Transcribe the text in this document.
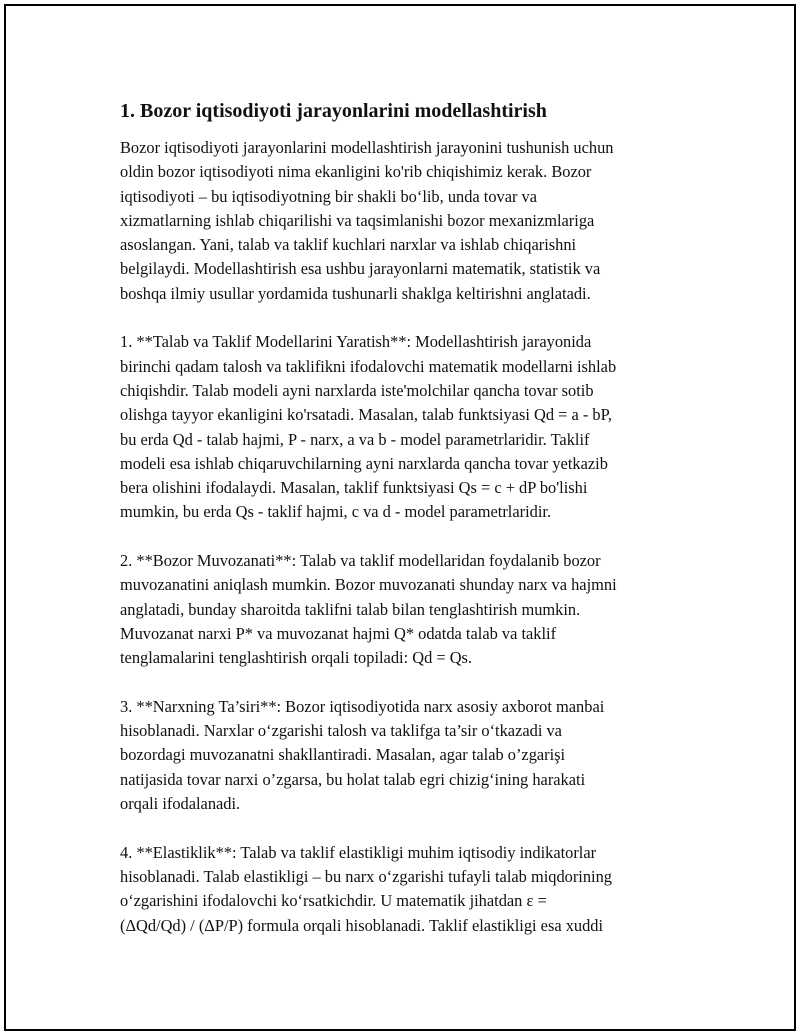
1. Bozor iqtisodiyoti jarayonlarini modellashtirish
Bozor iqtisodiyoti jarayonlarini modellashtirish jarayonini tushunish uchun
oldin bozor iqtisodiyoti nima ekanligini ko'rib chiqishimiz kerak. Bozor
iqtisodiyoti – bu iqtisodiyotning bir shakli bo‘lib, unda tovar va
xizmatlarning ishlab chiqarilishi va taqsimlanishi bozor mexanizmlariga
asoslangan. Yani, talab va taklif kuchlari narxlar va ishlab chiqarishni
belgilaydi. Modellashtirish esa ushbu jarayonlarni matematik, statistik va
boshqa ilmiy usullar yordamida tushunarli shaklga keltirishni anglatadi.
1. **Talab va Taklif Modellarini Yaratish**: Modellashtirish jarayonida
birinchi qadam talosh va taklifikni ifodalovchi matematik modellarni ishlab
chiqishdir. Talab modeli ayni narxlarda iste'molchilar qancha tovar sotib
olishga tayyor ekanligini ko'rsatadi. Masalan, talab funktsiyasi Qd = a - bP,
bu erda Qd - talab hajmi, P - narx, a va b - model parametrlaridir. Taklif
modeli esa ishlab chiqaruvchilarning ayni narxlarda qancha tovar yetkazib
bera olishini ifodalaydi. Masalan, taklif funktsiyasi Qs = c + dP bo'lishi
mumkin, bu erda Qs - taklif hajmi, c va d - model parametrlaridir.
2. **Bozor Muvozanati**: Talab va taklif modellaridan foydalanib bozor
muvozanatini aniqlash mumkin. Bozor muvozanati shunday narx va hajmni
anglatadi, bunday sharoitda taklifni talab bilan tenglashtirish mumkin.
Muvozanat narxi P* va muvozanat hajmi Q* odatda talab va taklif
tenglamalarini tenglashtirish orqali topiladi: Qd = Qs.
3. **Narxning Ta’siri**: Bozor iqtisodiyotida narx asosiy axborot manbai
hisoblanadi. Narxlar o‘zgarishi talosh va taklifga ta’sir o‘tkazadi va
bozordagi muvozanatni shakllantiradi. Masalan, agar talab o’zgarişi
natijasida tovar narxi o’zgarsa, bu holat talab egri chizig‘ining harakati
orqali ifodalanadi.
4. **Elastiklik**: Talab va taklif elastikligi muhim iqtisodiy indikatorlar
hisoblanadi. Talab elastikligi – bu narx o‘zgarishi tufayli talab miqdorining
o‘zgarishini ifodalovchi ko‘rsatkichdir. U matematik jihatdan ε =
(ΔQd/Qd) / (ΔP/P) formula orqali hisoblanadi. Taklif elastikligi esa xuddi
